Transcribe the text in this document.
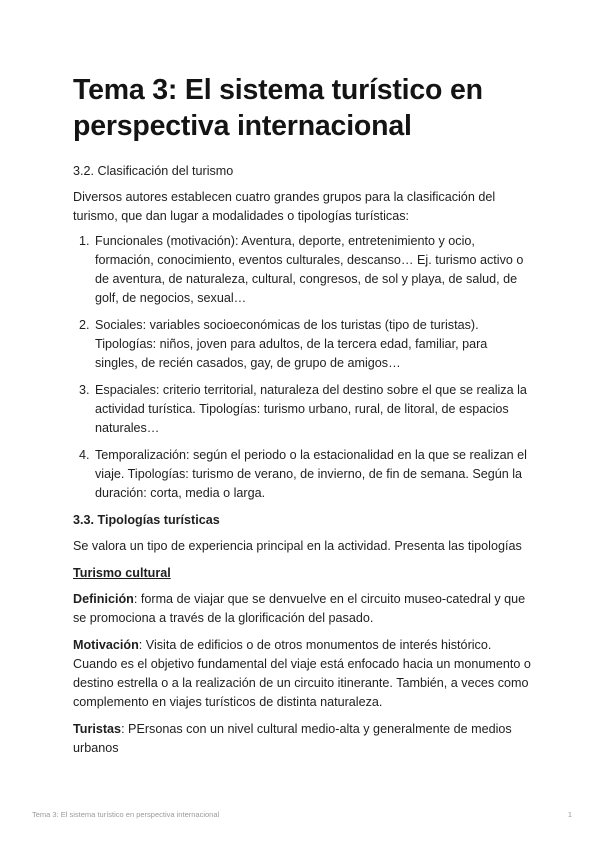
Tema 3: El sistema turístico en perspectiva internacional

3.2. Clasificación del turismo

Diversos autores establecen cuatro grandes grupos para la clasificación del turismo, que dan lugar a modalidades o tipologías turísticas:

1. Funcionales (motivación): Aventura, deporte, entretenimiento y ocio, formación, conocimiento, eventos culturales, descanso… Ej. turismo activo o de aventura, de naturaleza, cultural, congresos, de sol y playa, de salud, de golf, de negocios, sexual…
2. Sociales: variables socioeconómicas de los turistas (tipo de turistas). Tipologías: niños, joven para adultos, de la tercera edad, familiar, para singles, de recién casados, gay, de grupo de amigos…
3. Espaciales: criterio territorial, naturaleza del destino sobre el que se realiza la actividad turística. Tipologías: turismo urbano, rural, de litoral, de espacios naturales…
4. Temporalización: según el periodo o la estacionalidad en la que se realizan el viaje. Tipologías: turismo de verano, de invierno, de fin de semana. Según la duración: corta, media o larga.

3.3. Tipologías turísticas

Se valora un tipo de experiencia principal en la actividad. Presenta las tipologías

Turismo cultural

Definición: forma de viajar que se denvuelve en el circuito museo-catedral y que se promociona a través de la glorificación del pasado.

Motivación: Visita de edificios o de otros monumentos de interés histórico. Cuando es el objetivo fundamental del viaje está enfocado hacia un monumento o destino estrella o a la realización de un circuito itinerante. También, a veces como complemento en viajes turísticos de distinta naturaleza.

Turistas: PErsonas con un nivel cultural medio-alta y generalmente de medios urbanos

Tema 3: El sistema turístico en perspectiva internacional	1
